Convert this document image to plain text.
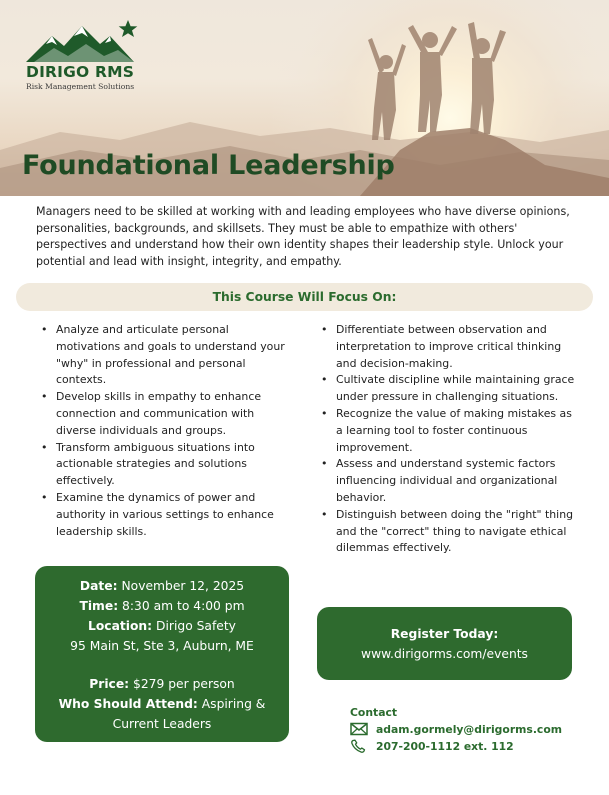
DIRIGO RMS
Risk Management Solutions
Foundational Leadership

Managers need to be skilled at working with and leading employees who have diverse opinions, personalities, backgrounds, and skillsets. They must be able to empathize with others' perspectives and understand how their own identity shapes their leadership style. Unlock your potential and lead with insight, integrity, and empathy.

This Course Will Focus On:
• Analyze and articulate personal motivations and goals to understand your "why" in professional and personal contexts.
• Develop skills in empathy to enhance connection and communication with diverse individuals and groups.
• Transform ambiguous situations into actionable strategies and solutions effectively.
• Examine the dynamics of power and authority in various settings to enhance leadership skills.
• Differentiate between observation and interpretation to improve critical thinking and decision-making.
• Cultivate discipline while maintaining grace under pressure in challenging situations.
• Recognize the value of making mistakes as a learning tool to foster continuous improvement.
• Assess and understand systemic factors influencing individual and organizational behavior.
• Distinguish between doing the "right" thing and the "correct" thing to navigate ethical dilemmas effectively.
Date: November 12, 2025
Time: 8:30 am to 4:00 pm
Location: Dirigo Safety
95 Main St, Ste 3, Auburn, ME
Price: $279 per person
Who Should Attend: Aspiring &
Current Leaders
Register Today:
www.dirigorms.com/events
Contact
adam.gormely@dirigorms.com
207-200-1112 ext. 112
